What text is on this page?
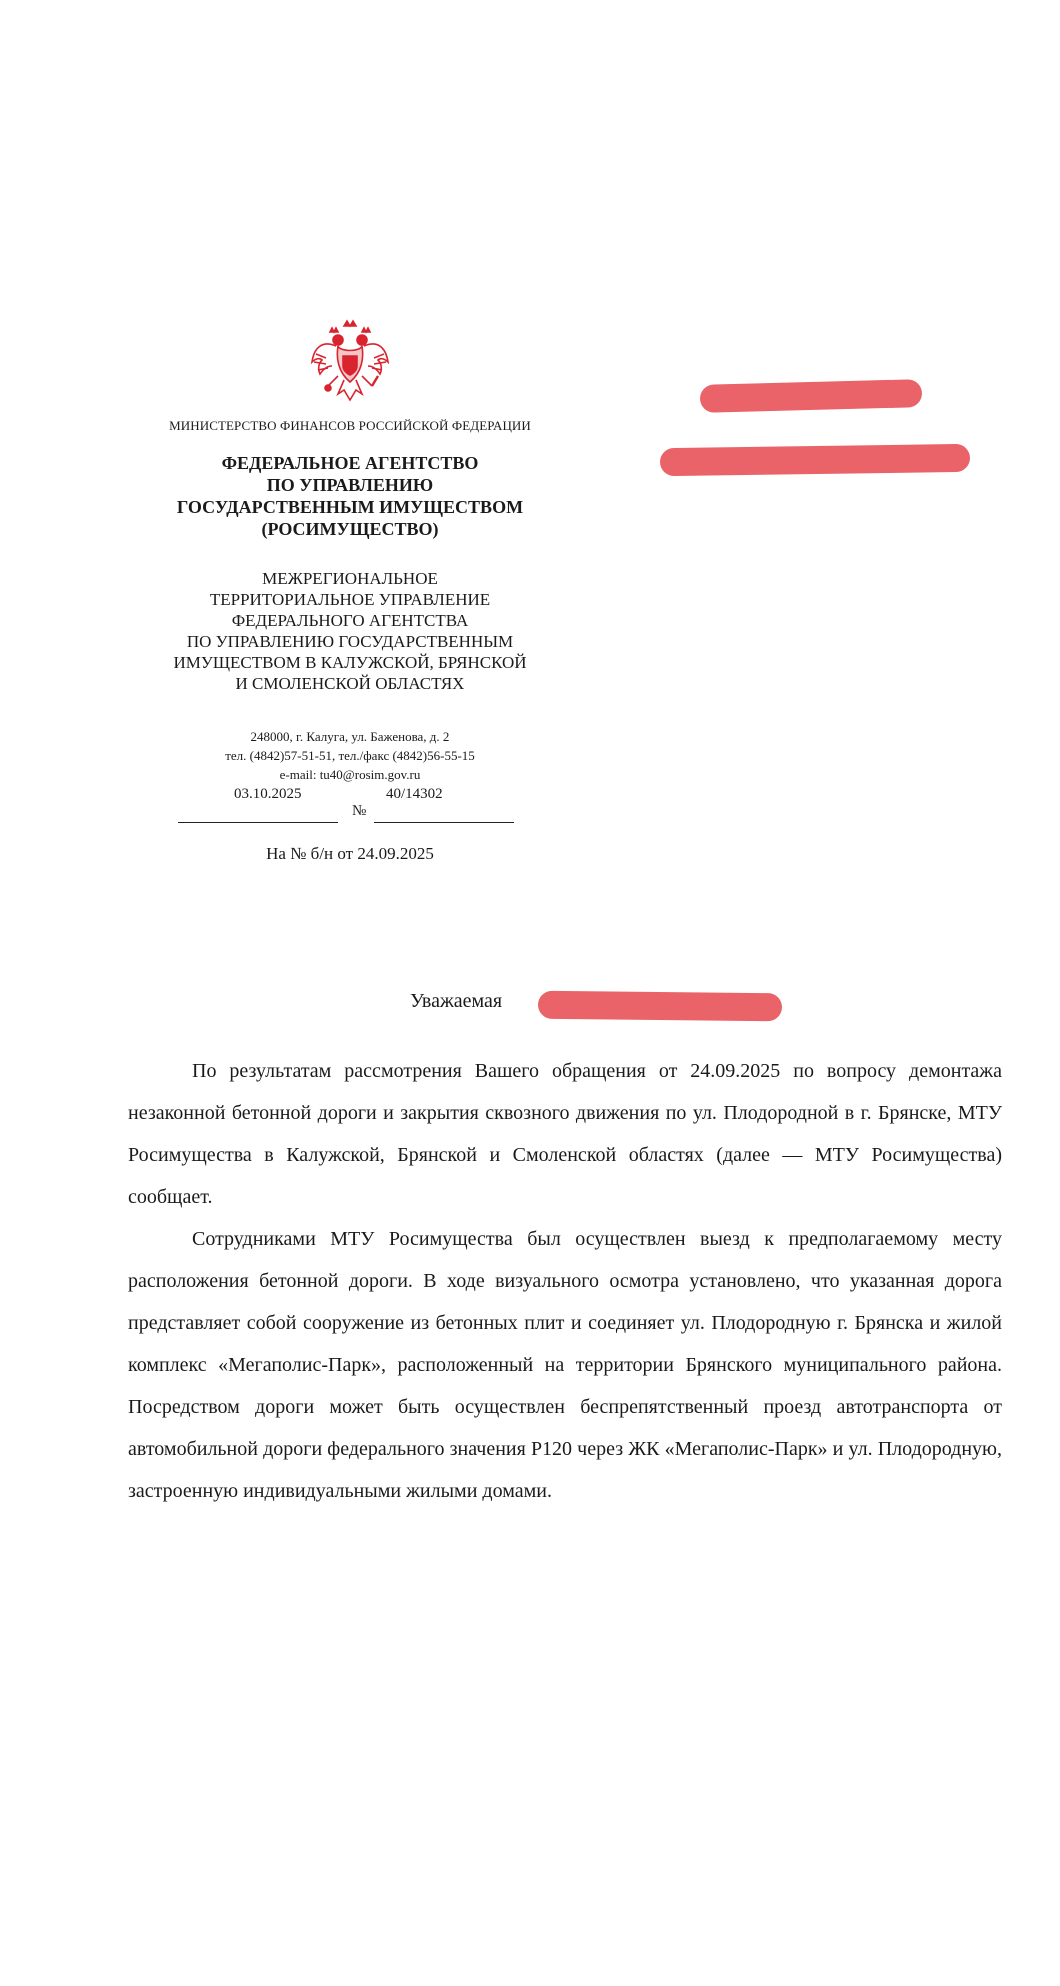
МИНИСТЕРСТВО ФИНАНСОВ РОССИЙСКОЙ ФЕДЕРАЦИИ
ФЕДЕРАЛЬНОЕ АГЕНТСТВО
ПО УПРАВЛЕНИЮ
ГОСУДАРСТВЕННЫМ ИМУЩЕСТВОМ
(РОСИМУЩЕСТВО)
МЕЖРЕГИОНАЛЬНОЕ
ТЕРРИТОРИАЛЬНОЕ УПРАВЛЕНИЕ
ФЕДЕРАЛЬНОГО АГЕНТСТВА
ПО УПРАВЛЕНИЮ ГОСУДАРСТВЕННЫМ
ИМУЩЕСТВОМ В КАЛУЖСКОЙ, БРЯНСКОЙ
И СМОЛЕНСКОЙ ОБЛАСТЯХ
248000, г. Калуга, ул. Баженова, д. 2
тел. (4842)57-51-51, тел./факс (4842)56-55-15
e-mail: tu40@rosim.gov.ru
03.10.2025	40/14302
№
На № б/н от 24.09.2025
Уважаемая

По результатам рассмотрения Вашего обращения от 24.09.2025 по вопросу демонтажа незаконной бетонной дороги и закрытия сквозного движения по ул. Плодородной в г. Брянске, МТУ Росимущества в Калужской, Брянской и Смоленской областях (далее — МТУ Росимущества) сообщает.

Сотрудниками МТУ Росимущества был осуществлен выезд к предполагаемому месту расположения бетонной дороги. В ходе визуального осмотра установлено, что указанная дорога представляет собой сооружение из бетонных плит и соединяет ул. Плодородную г. Брянска и жилой комплекс «Мегаполис-Парк», расположенный на территории Брянского муниципального района. Посредством дороги может быть осуществлен беспрепятственный проезд автотранспорта от автомобильной дороги федерального значения Р120 через ЖК «Мегаполис-Парк» и ул. Плодородную, застроенную индивидуальными жилыми домами.
